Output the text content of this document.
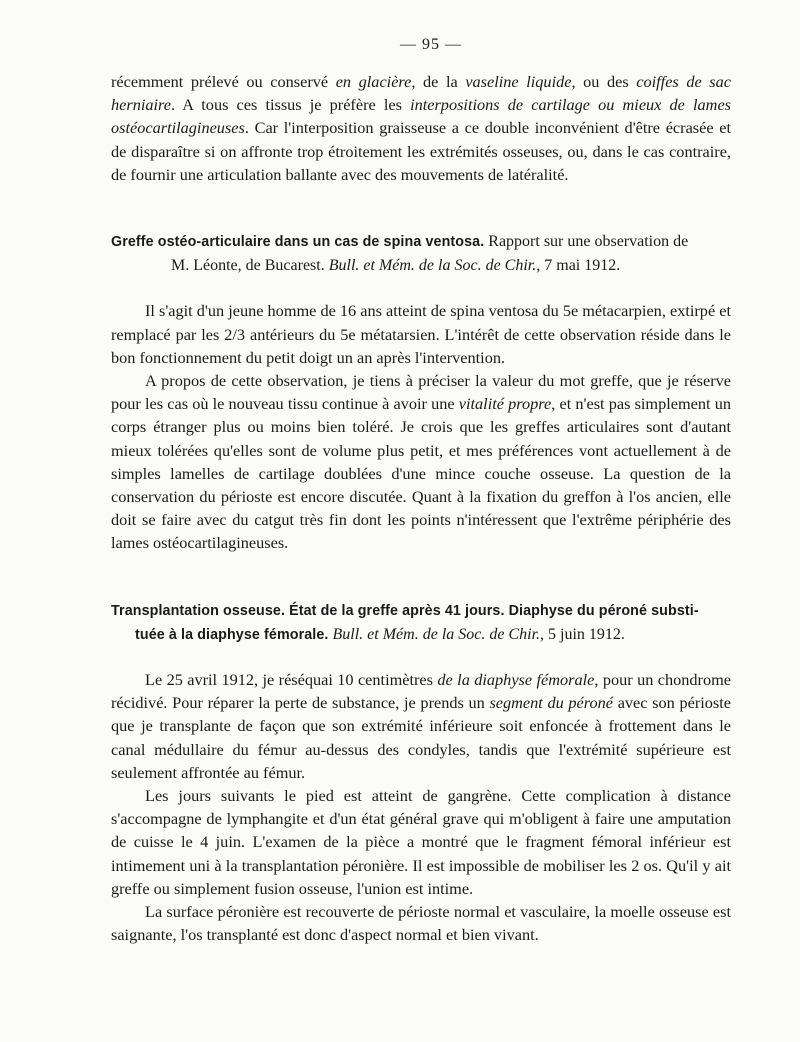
— 95 —

récemment prélevé ou conservé en glacière, de la vaseline liquide, ou des coiffes de sac herniaire. A tous ces tissus je préfère les interpositions de cartilage ou mieux de lames ostéocartilagineuses. Car l'interposition graisseuse a ce double inconvénient d'être écrasée et de disparaître si on affronte trop étroitement les extrémités osseuses, ou, dans le cas contraire, de fournir une articulation ballante avec des mouvements de latéralité.

Greffe ostéo-articulaire dans un cas de spina ventosa. Rapport sur une observation de
M. Léonte, de Bucarest. Bull. et Mém. de la Soc. de Chir., 7 mai 1912.

Il s'agit d'un jeune homme de 16 ans atteint de spina ventosa du 5e métacarpien, extirpé et remplacé par les 2/3 antérieurs du 5e métatarsien. L'intérêt de cette observation réside dans le bon fonctionnement du petit doigt un an après l'intervention.

A propos de cette observation, je tiens à préciser la valeur du mot greffe, que je réserve pour les cas où le nouveau tissu continue à avoir une vitalité propre, et n'est pas simplement un corps étranger plus ou moins bien toléré. Je crois que les greffes articulaires sont d'autant mieux tolérées qu'elles sont de volume plus petit, et mes préférences vont actuellement à de simples lamelles de cartilage doublées d'une mince couche osseuse. La question de la conservation du périoste est encore discutée. Quant à la fixation du greffon à l'os ancien, elle doit se faire avec du catgut très fin dont les points n'intéressent que l'extrême périphérie des lames ostéocartilagineuses.

Transplantation osseuse. État de la greffe après 41 jours. Diaphyse du péroné substi-
tuée à la diaphyse fémorale. Bull. et Mém. de la Soc. de Chir., 5 juin 1912.

Le 25 avril 1912, je réséquai 10 centimètres de la diaphyse fémorale, pour un chondrome récidivé. Pour réparer la perte de substance, je prends un segment du péroné avec son périoste que je transplante de façon que son extrémité inférieure soit enfoncée à frottement dans le canal médullaire du fémur au-dessus des condyles, tandis que l'extrémité supérieure est seulement affrontée au fémur.

Les jours suivants le pied est atteint de gangrène. Cette complication à distance s'accompagne de lymphangite et d'un état général grave qui m'obligent à faire une amputation de cuisse le 4 juin. L'examen de la pièce a montré que le fragment fémoral inférieur est intimement uni à la transplantation péronière. Il est impossible de mobiliser les 2 os. Qu'il y ait greffe ou simplement fusion osseuse, l'union est intime.

La surface péronière est recouverte de périoste normal et vasculaire, la moelle osseuse est saignante, l'os transplanté est donc d'aspect normal et bien vivant.
